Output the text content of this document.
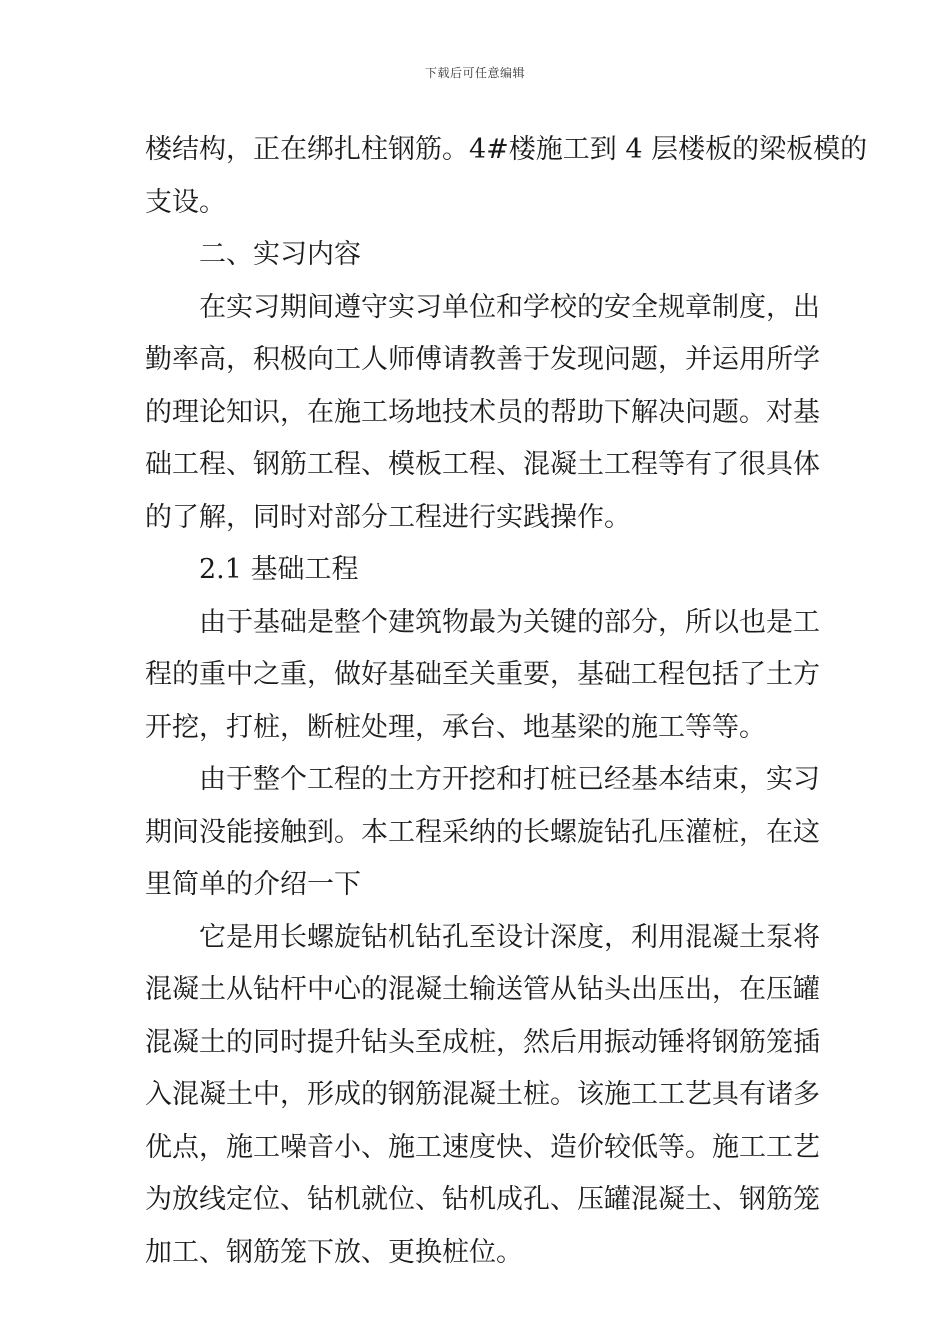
下载后可任意编辑
楼结构，正在绑扎柱钢筋。4#楼施工到 4 层楼板的梁板模的
支设。
二、实习内容
在实习期间遵守实习单位和学校的安全规章制度，出
勤率高，积极向工人师傅请教善于发现问题，并运用所学
的理论知识，在施工场地技术员的帮助下解决问题。对基
础工程、钢筋工程、模板工程、混凝土工程等有了很具体
的了解，同时对部分工程进行实践操作。
2.1 基础工程
由于基础是整个建筑物最为关键的部分，所以也是工
程的重中之重，做好基础至关重要，基础工程包括了土方
开挖，打桩，断桩处理，承台、地基梁的施工等等。
由于整个工程的土方开挖和打桩已经基本结束，实习
期间没能接触到。本工程采纳的长螺旋钻孔压灌桩，在这
里简单的介绍一下
它是用长螺旋钻机钻孔至设计深度，利用混凝土泵将
混凝土从钻杆中心的混凝土输送管从钻头出压出，在压罐
混凝土的同时提升钻头至成桩，然后用振动锤将钢筋笼插
入混凝土中，形成的钢筋混凝土桩。该施工工艺具有诸多
优点，施工噪音小、施工速度快、造价较低等。施工工艺
为放线定位、钻机就位、钻机成孔、压罐混凝土、钢筋笼
加工、钢筋笼下放、更换桩位。
